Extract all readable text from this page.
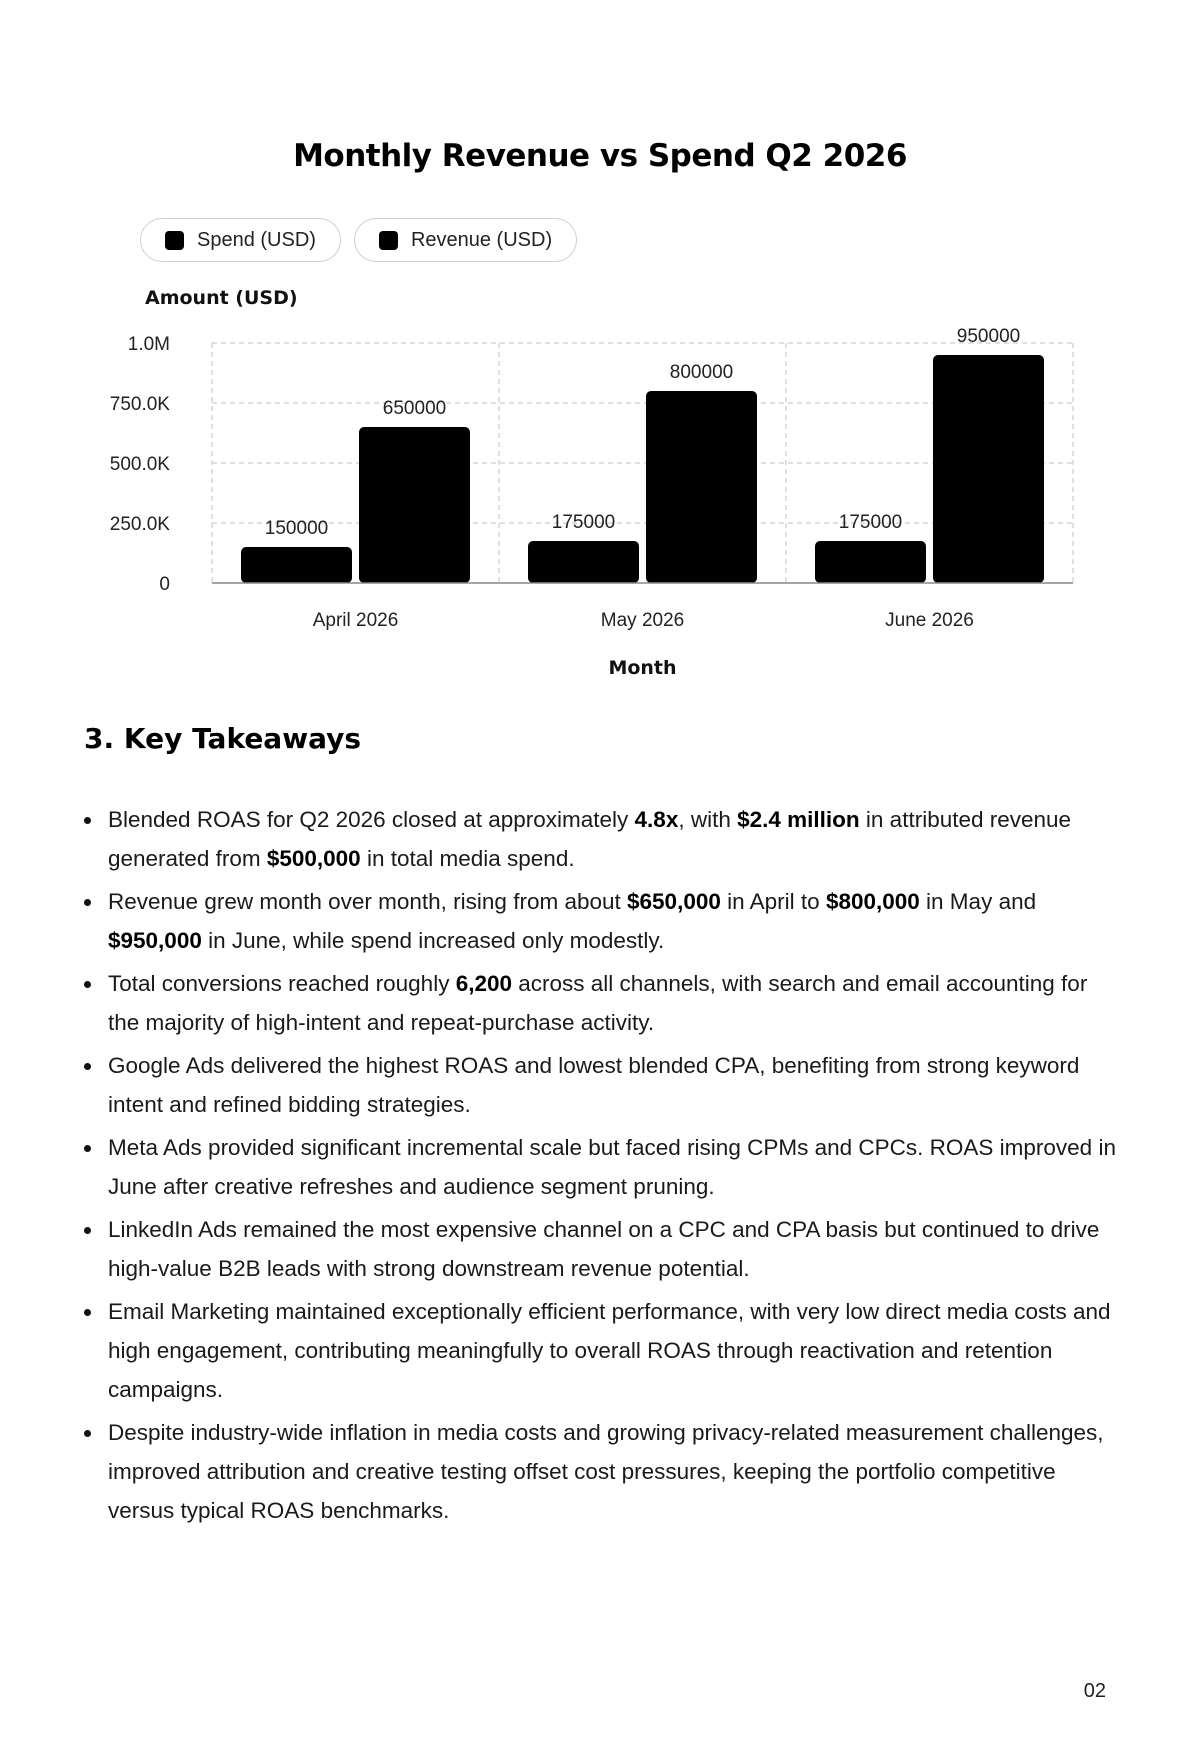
Monthly Revenue vs Spend Q2 2026
Spend (USD)	Revenue (USD)
0
250.0K
500.0K
750.0K
1.0M
150000
650000
April 2026
175000
800000
May 2026
175000
950000
June 2026
Amount (USD)
Month
3. Key Takeaways
Blended ROAS for Q2 2026 closed at approximately 4.8x, with $2.4 million in attributed revenue generated from $500,000 in total media spend.
Revenue grew month over month, rising from about $650,000 in April to $800,000 in May and $950,000 in June, while spend increased only modestly.
Total conversions reached roughly 6,200 across all channels, with search and email accounting for the majority of high-intent and repeat-purchase activity.
Google Ads delivered the highest ROAS and lowest blended CPA, benefiting from strong keyword intent and refined bidding strategies.
Meta Ads provided significant incremental scale but faced rising CPMs and CPCs. ROAS improved in June after creative refreshes and audience segment pruning.
LinkedIn Ads remained the most expensive channel on a CPC and CPA basis but continued to drive high-value B2B leads with strong downstream revenue potential.
Email Marketing maintained exceptionally efficient performance, with very low direct media costs and high engagement, contributing meaningfully to overall ROAS through reactivation and retention campaigns.
Despite industry-wide inflation in media costs and growing privacy-related measurement challenges, improved attribution and creative testing offset cost pressures, keeping the portfolio competitive versus typical ROAS benchmarks.
02
